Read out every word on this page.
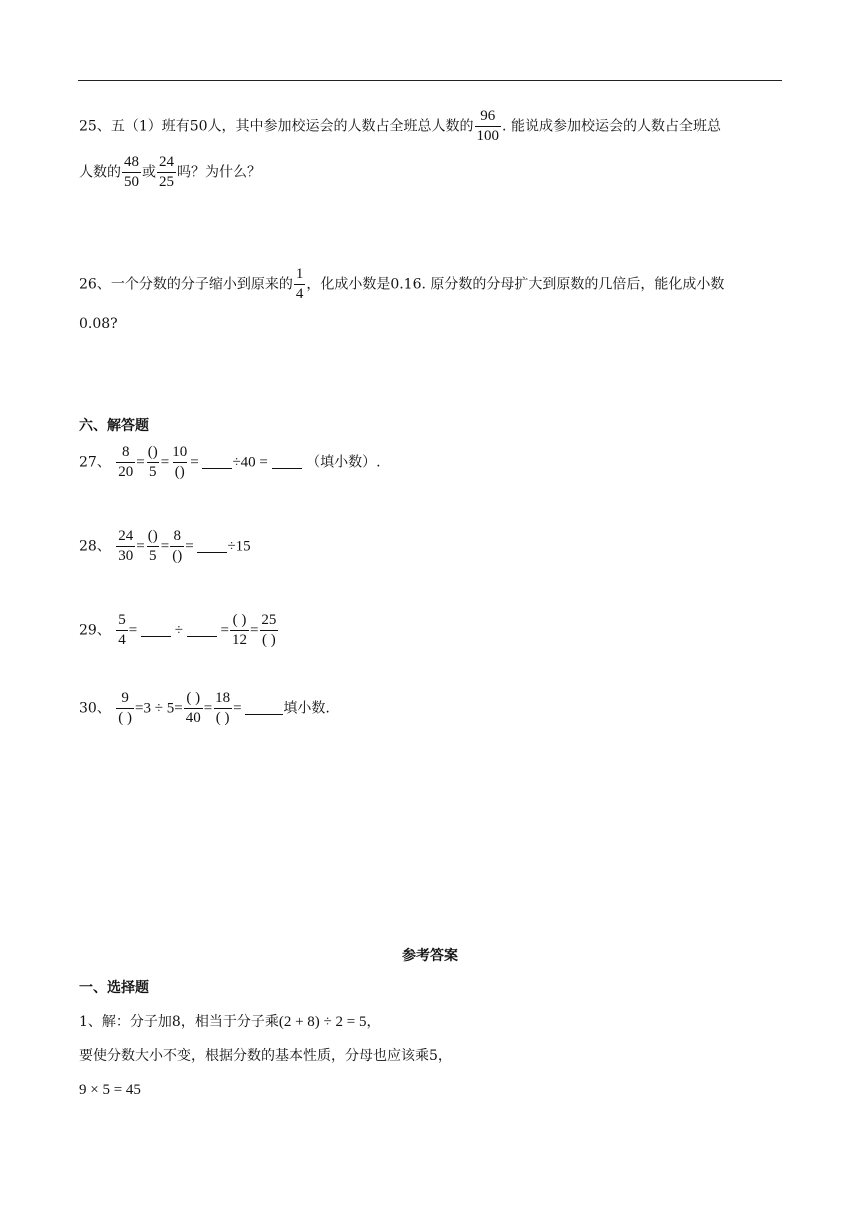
25、五（1）班有50人，其中参加校运会的人数占全班总人数的 $\frac{96}{100}$ . 能说成参加校运会的人数占全班总
人数的 $\frac{48}{50}$ 或 $\frac{24}{25}$ 吗？为什么？
26、一个分数的分子缩小到原来的 $\frac{1}{4}$ ，化成小数是0.16. 原分数的分母扩大到原数的几倍后，能化成小数
0.08?
六、解答题
27、 $\frac{8}{20} = \frac{()}{5} = \frac{10}{()} = \div 40$ =  （填小数）.
28、 $\frac{24}{30} = \frac{()}{5} = \frac{8}{()} = \div 15$
29、 $\frac{5}{4}$ =  ÷  = $\frac{( )}{12} = \frac{25}{( )}$
30、 $\frac{9}{( )} =3 \div 5= \frac{( )}{40} = \frac{18}{( )}$ =	填小数.
参考答案
一、选择题
1、解：分子加8，相当于分子乘(2 + 8) ÷ 2 = 5，
要使分数大小不变，根据分数的基本性质，分母也应该乘5，
9 × 5 = 45
